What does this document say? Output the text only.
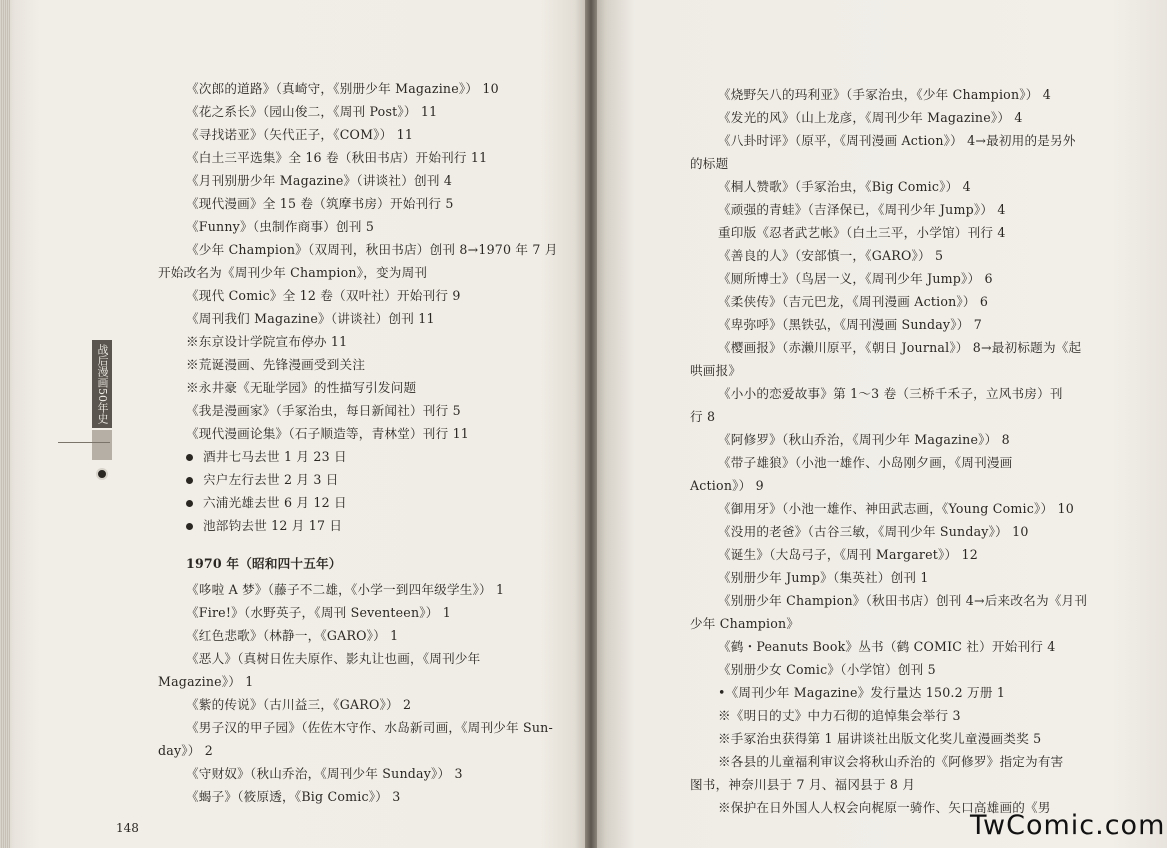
《次郎的道路》（真崎守，《别册少年 Magazine》） 10
《花之系长》（园山俊二，《周刊 Post》） 11
《寻找诺亚》（矢代正子，《COM》） 11
《白土三平选集》全 16 卷（秋田书店）开始刊行 11
《月刊别册少年 Magazine》（讲谈社）创刊 4
《现代漫画》全 15 卷（筑摩书房）开始刊行 5
《Funny》（虫制作商事）创刊 5
《少年 Champion》（双周刊，秋田书店）创刊 8→1970 年 7 月
开始改名为《周刊少年 Champion》，变为周刊
《现代 Comic》全 12 卷（双叶社）开始刊行 9
《周刊我们 Magazine》（讲谈社）创刊 11
※东京设计学院宣布停办 11
※荒诞漫画、先锋漫画受到关注
※永井豪《无耻学园》的性描写引发问题
《我是漫画家》（手冢治虫，每日新闻社）刊行 5
《现代漫画论集》（石子顺造等，青林堂）刊行 11
酒井七马去世 1 月 23 日
宍户左行去世 2 月 3 日
六浦光雄去世 6 月 12 日
池部钧去世 12 月 17 日
1970 年（昭和四十五年）
《哆啦 A 梦》（藤子不二雄，《小学一到四年级学生》） 1
《Fire!》（水野英子，《周刊 Seventeen》） 1
《红色悲歌》（林静一，《GARO》） 1
《恶人》（真树日佐夫原作、影丸让也画，《周刊少年
Magazine》） 1
《紫的传说》（古川益三，《GARO》） 2
《男子汉的甲子园》（佐佐木守作、水岛新司画，《周刊少年 Sun-
day》） 2
《守财奴》（秋山乔治，《周刊少年 Sunday》） 3
《蝎子》（筱原透，《Big Comic》） 3
战后漫画50年史
148
《烧野矢八的玛利亚》（手冢治虫，《少年 Champion》） 4
《发光的风》（山上龙彦，《周刊少年 Magazine》） 4
《八卦时评》（原平，《周刊漫画 Action》） 4→最初用的是另外
的标题
《桐人赞歌》（手冢治虫，《Big Comic》） 4
《顽强的青蛙》（吉泽保已，《周刊少年 Jump》） 4
重印版《忍者武艺帐》（白土三平，小学馆）刊行 4
《善良的人》（安部慎一，《GARO》） 5
《厕所博士》（鸟居一义，《周刊少年 Jump》） 6
《柔侠传》（吉元巴龙，《周刊漫画 Action》） 6
《卑弥呼》（黑铁弘，《周刊漫画 Sunday》） 7
《樱画报》（赤濑川原平，《朝日 Journal》） 8→最初标题为《起
哄画报》
《小小的恋爱故事》第 1～3 卷（三桥千禾子，立风书房）刊
行 8
《阿修罗》（秋山乔治，《周刊少年 Magazine》） 8
《带子雄狼》（小池一雄作、小岛刚夕画，《周刊漫画
Action》） 9
《御用牙》（小池一雄作、神田武志画，《Young Comic》） 10
《没用的老爸》（古谷三敏，《周刊少年 Sunday》） 10
《诞生》（大岛弓子，《周刊 Margaret》） 12
《别册少年 Jump》（集英社）创刊 1
《别册少年 Champion》（秋田书店）创刊 4→后来改名为《月刊
少年 Champion》
《鹤・Peanuts Book》丛书（鹤 COMIC 社）开始刊行 4
《别册少女 Comic》（小学馆）创刊 5
•《周刊少年 Magazine》发行量达 150.2 万册 1
※《明日的丈》中力石彻的追悼集会举行 3
※手冢治虫获得第 1 届讲谈社出版文化奖儿童漫画类奖 5
※各县的儿童福利审议会将秋山乔治的《阿修罗》指定为有害
图书，神奈川县于 7 月、福冈县于 8 月
※保护在日外国人人权会向梶原一骑作、矢口高雄画的《男
TwComic.com
